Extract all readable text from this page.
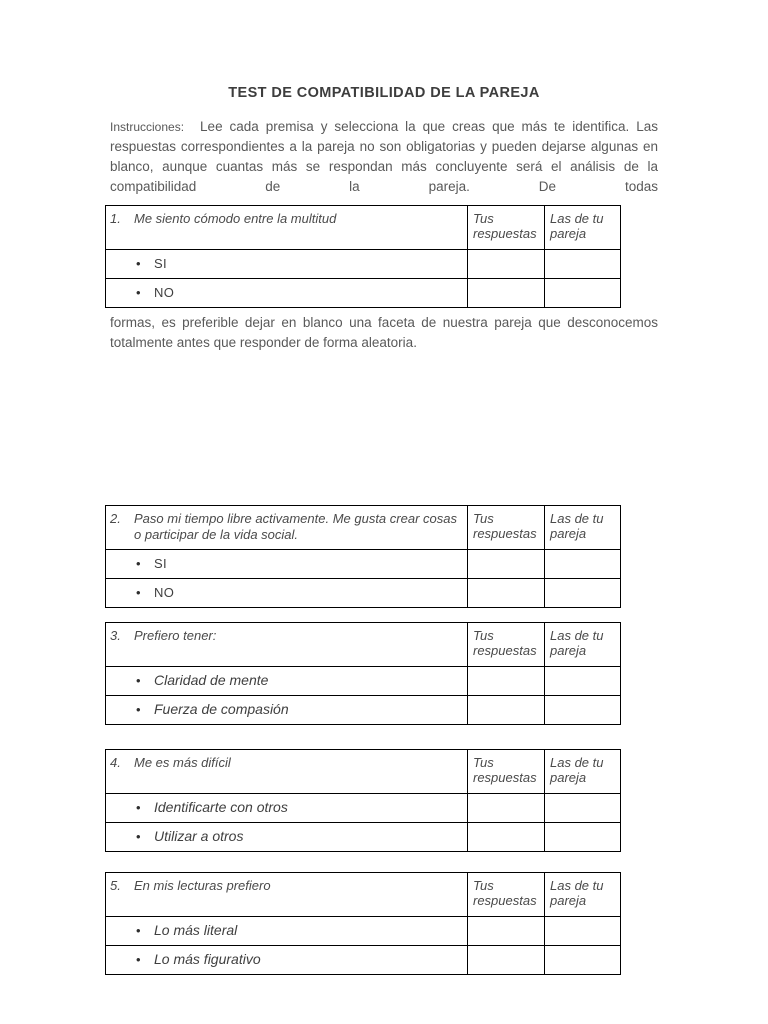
TEST DE COMPATIBILIDAD DE LA PAREJA

Instrucciones: Lee cada premisa y selecciona la que creas que más te identifica. Las respuestas correspondientes a la pareja no son obligatorias y pueden dejarse algunas en blanco, aunque cuantas más se respondan más concluyente será el análisis de la compatibilidad de la pareja. De todas

1. Me siento cómodo entre la multitud	Tus respuestas	Las de tu pareja
•SI		
•NO		

formas, es preferible dejar en blanco una faceta de nuestra pareja que desconocemos totalmente antes que responder de forma aleatoria.

2. Paso mi tiempo libre activamente. Me gusta crear cosas o participar de la vida social.	Tus respuestas	Las de tu pareja
•SI		
•NO		
3. Prefiero tener:	Tus respuestas	Las de tu pareja
•Claridad de mente		
•Fuerza de compasión		
4. Me es más difícil	Tus respuestas	Las de tu pareja
•Identificarte con otros		
•Utilizar a otros		
5. En mis lecturas prefiero	Tus respuestas	Las de tu pareja
•Lo más literal		
•Lo más figurativo		
